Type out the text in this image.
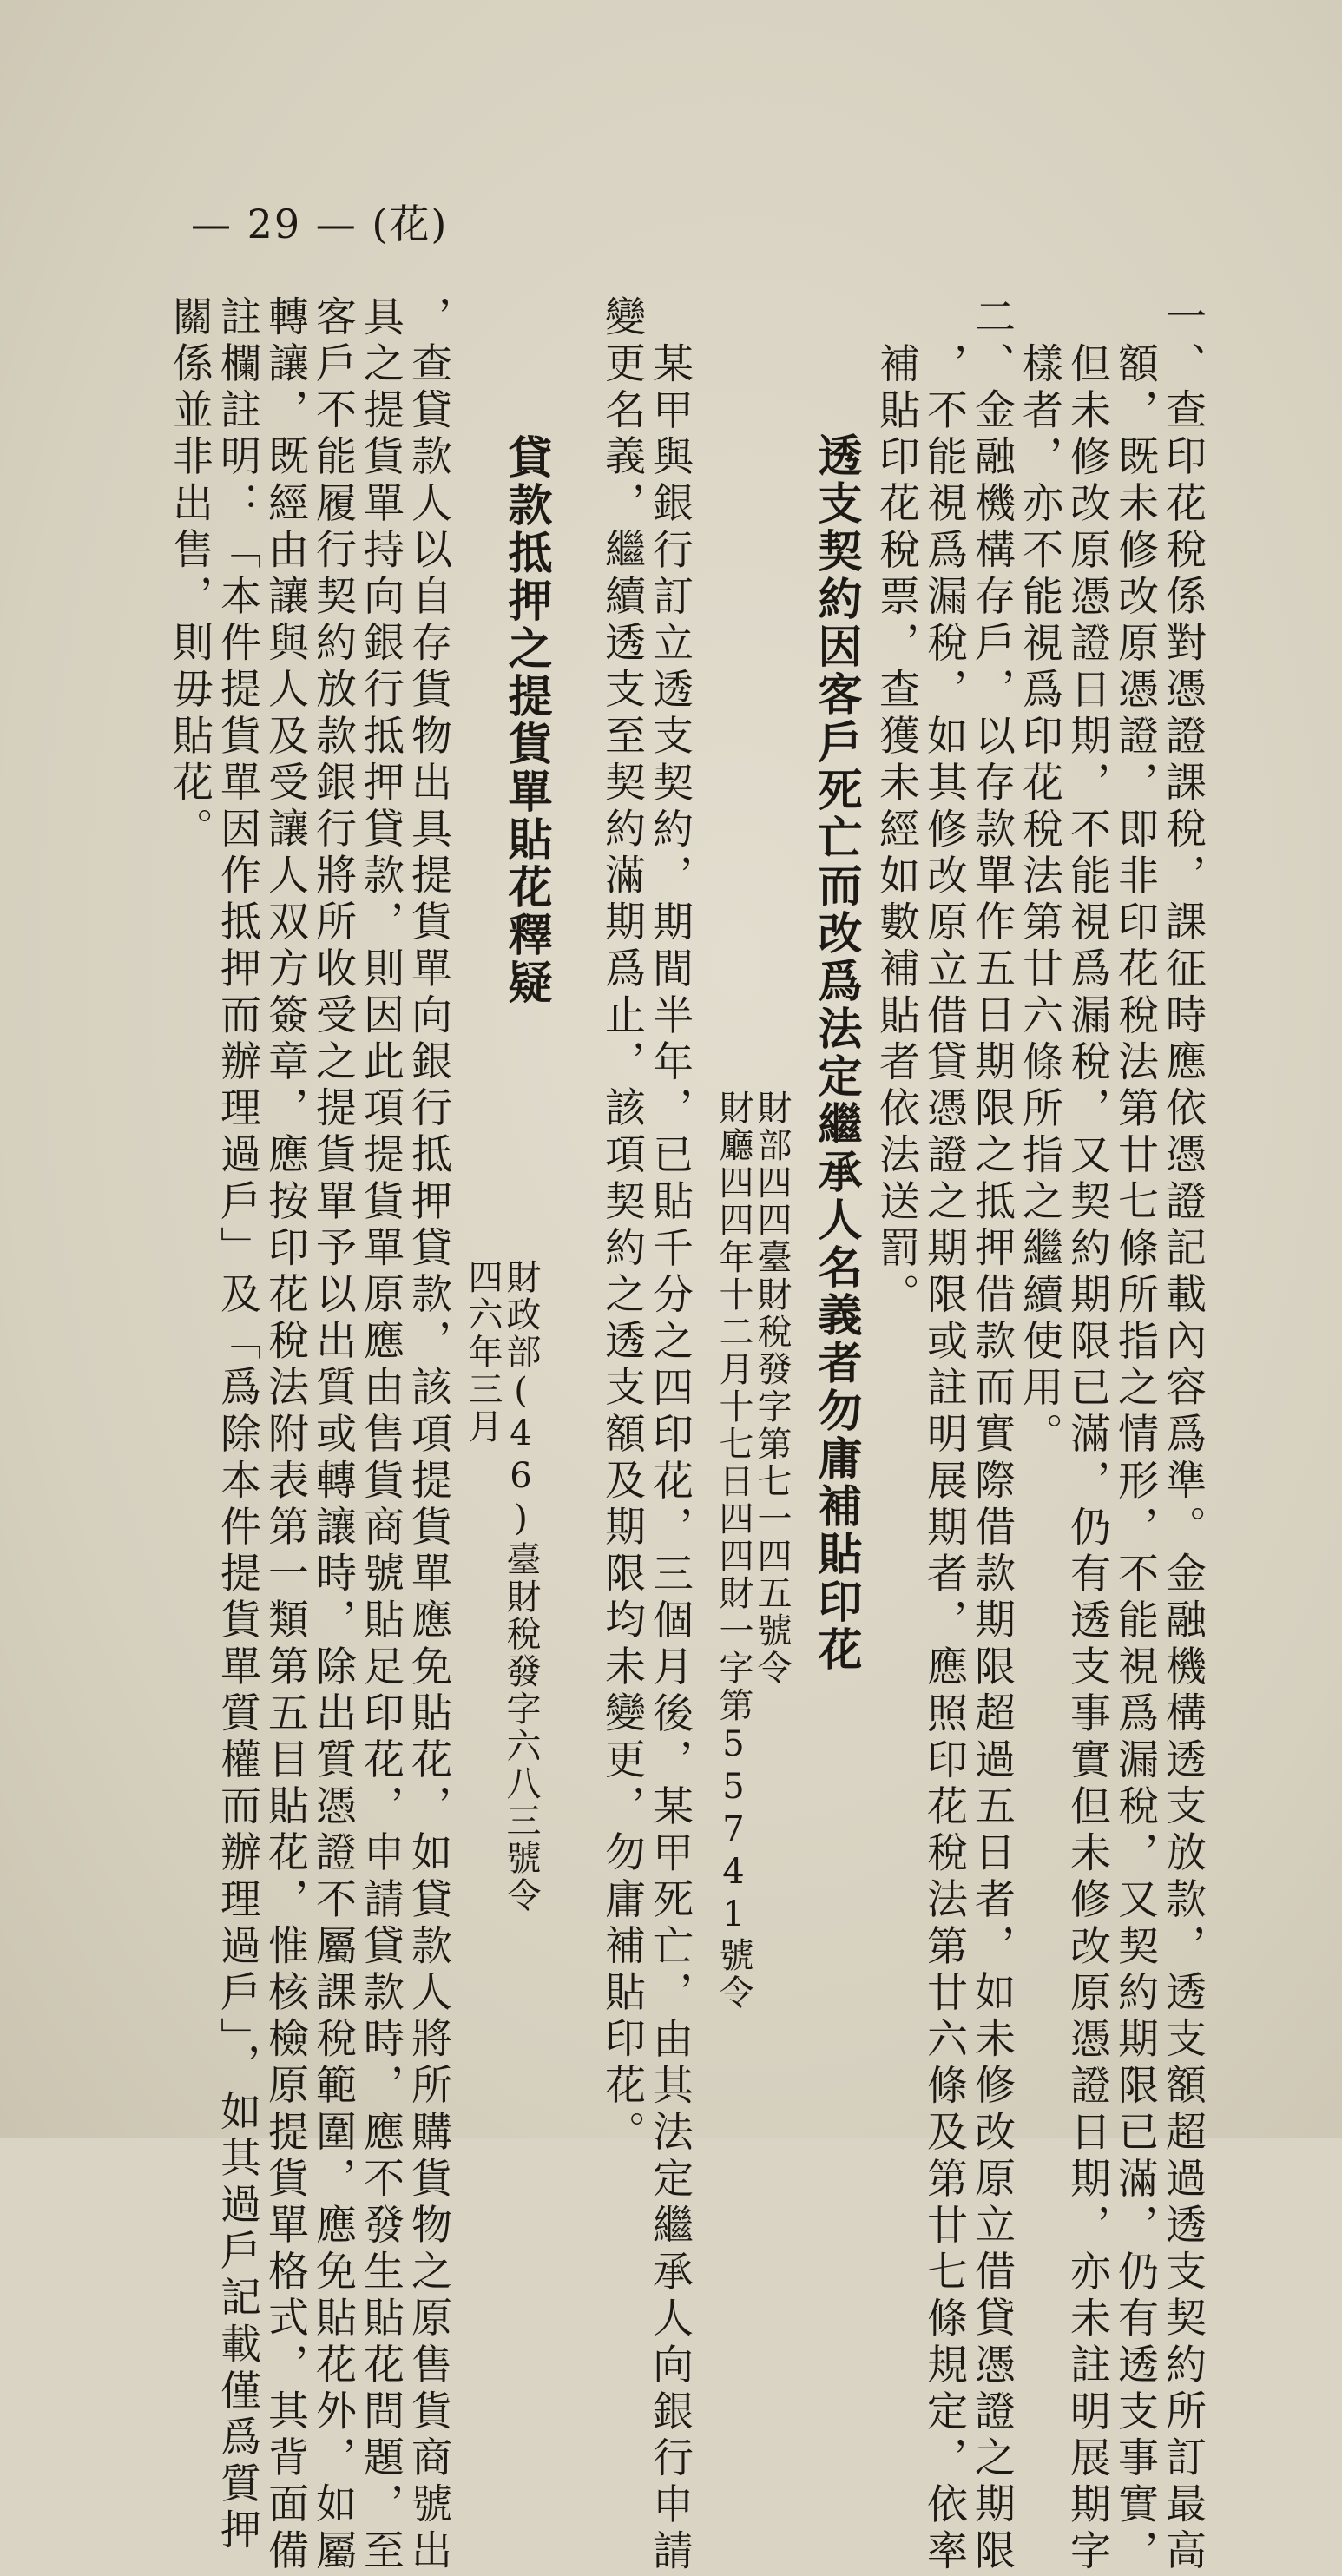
— 29 — (花)
一、查印花稅係對憑證課稅，課征時應依憑證記載內容爲準。金融機構透支放款，透支額超過透支契約所訂最高
額，既未修改原憑證，即非印花稅法第廿七條所指之情形，不能視爲漏稅，又契約期限已滿，仍有透支事實，
但未修改原憑證日期，不能視爲漏稅，又契約期限已滿，仍有透支事實但未修改原憑證日期，亦未註明展期字
樣者，亦不能視爲印花稅法第廿六條所指之繼續使用。
二、金融機構存戶，以存款單作五日期限之抵押借款而實際借款期限超過五日者，如未修改原立借貸憑證之期限
，不能視爲漏稅，如其修改原立借貸憑證之期限或註明展期者，應照印花稅法第廿六條及第廿七條規定，依率
補貼印花稅票，查獲未經如數補貼者依法送罰。
透支契約因客戶死亡而改爲法定繼承人名義者勿庸補貼印花
財部四四臺財稅發字第七一四五號令
財廳四四年十二月十七日四四財一字第55741號令
某甲與銀行訂立透支契約，期間半年，已貼千分之四印花，三個月後，某甲死亡，由其法定繼承人向銀行申請
變更名義，繼續透支至契約滿期爲止，該項契約之透支額及期限均未變更，勿庸補貼印花。
貸款抵押之提貨單貼花釋疑
財政部(46)臺財稅發字六八三號令
四六年三月
，查貸款人以自存貨物出具提貨單向銀行抵押貸款，該項提貨單應免貼花，如貸款人將所購貨物之原售貨商號出
具之提貨單持向銀行抵押貸款，則因此項提貨單原應由售貨商號貼足印花，申請貸款時，應不發生貼花問題，至
客戶不能履行契約放款銀行將所收受之提貨單予以出質或轉讓時，除出質憑證不屬課稅範圍，應免貼花外，如屬
轉讓，既經由讓與人及受讓人双方簽章，應按印花稅法附表第一類第五目貼花，惟核檢原提貨單格式，其背面備
註欄註明：「本件提貨單因作抵押而辦理過戶」及「爲除本件提貨單質權而辦理過戶」，如其過戶記載僅爲質押
關係並非出售，則毋貼花。
